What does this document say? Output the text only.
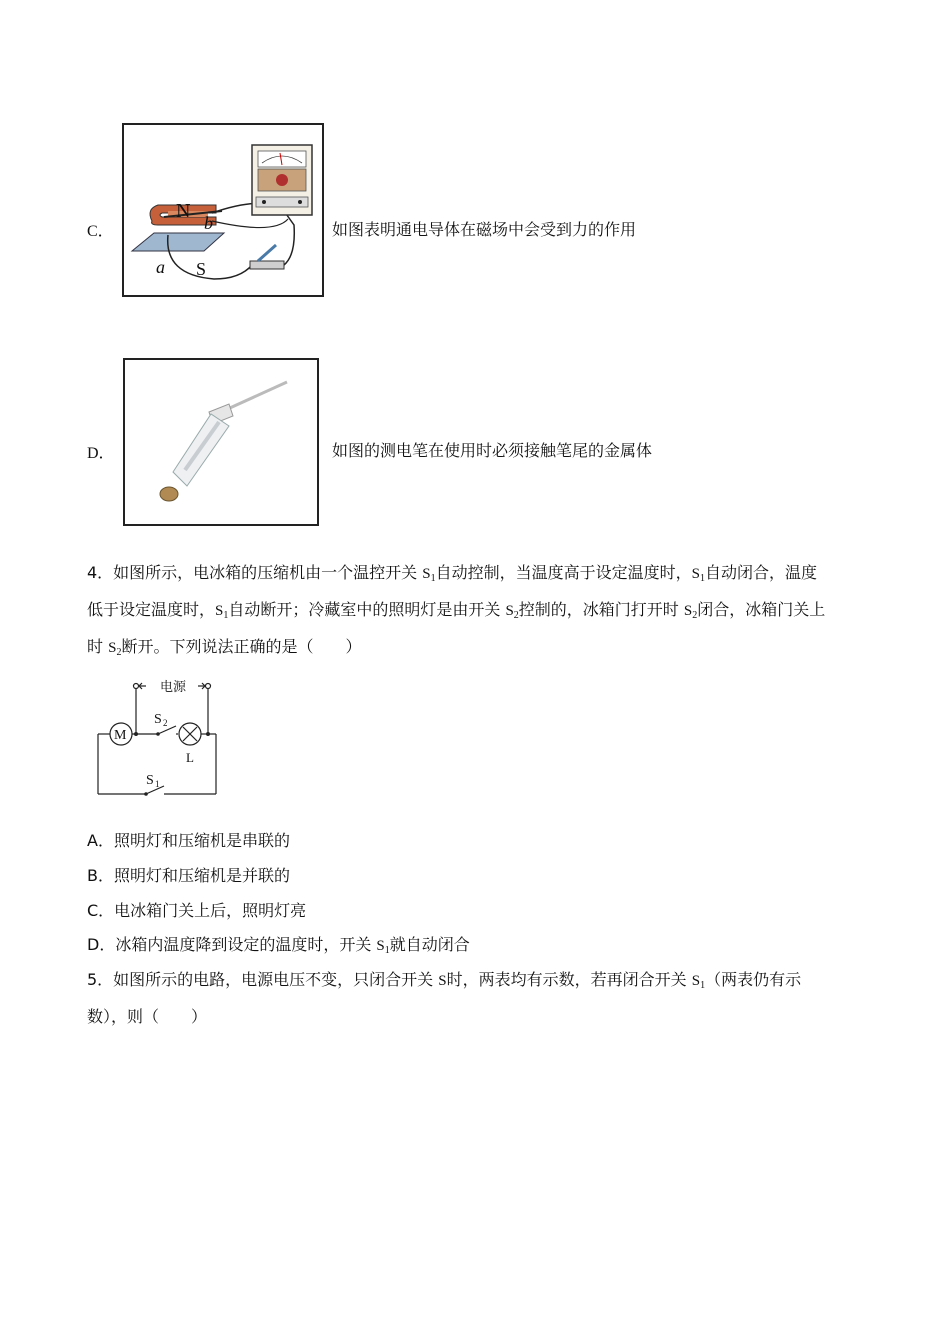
C．
N
b
a S
如图表明通电导体在磁场中会受到力的作用
D．	如图的测电笔在使用时必须接触笔尾的金属体
4．如图所示，电冰箱的压缩机由一个温控开关 $S_1$自动控制，当温度高于设定温度时，$S_1$自动闭合，温度
低于设定温度时，$S_1$自动断开；冷藏室中的照明灯是由开关 $S_2$控制的，冰箱门打开时 $S_2$闭合，冰箱门关上
时 $S_2$断开。下列说法正确的是（　　）
电源
M
S 2
L
S 1
A．照明灯和压缩机是串联的
B．照明灯和压缩机是并联的
C．电冰箱门关上后，照明灯亮
D．冰箱内温度降到设定的温度时，开关 $S_1$就自动闭合
5．如图所示的电路，电源电压不变，只闭合开关 S时，两表均有示数，若再闭合开关 $S_1$（两表仍有示
数），则（　　）
